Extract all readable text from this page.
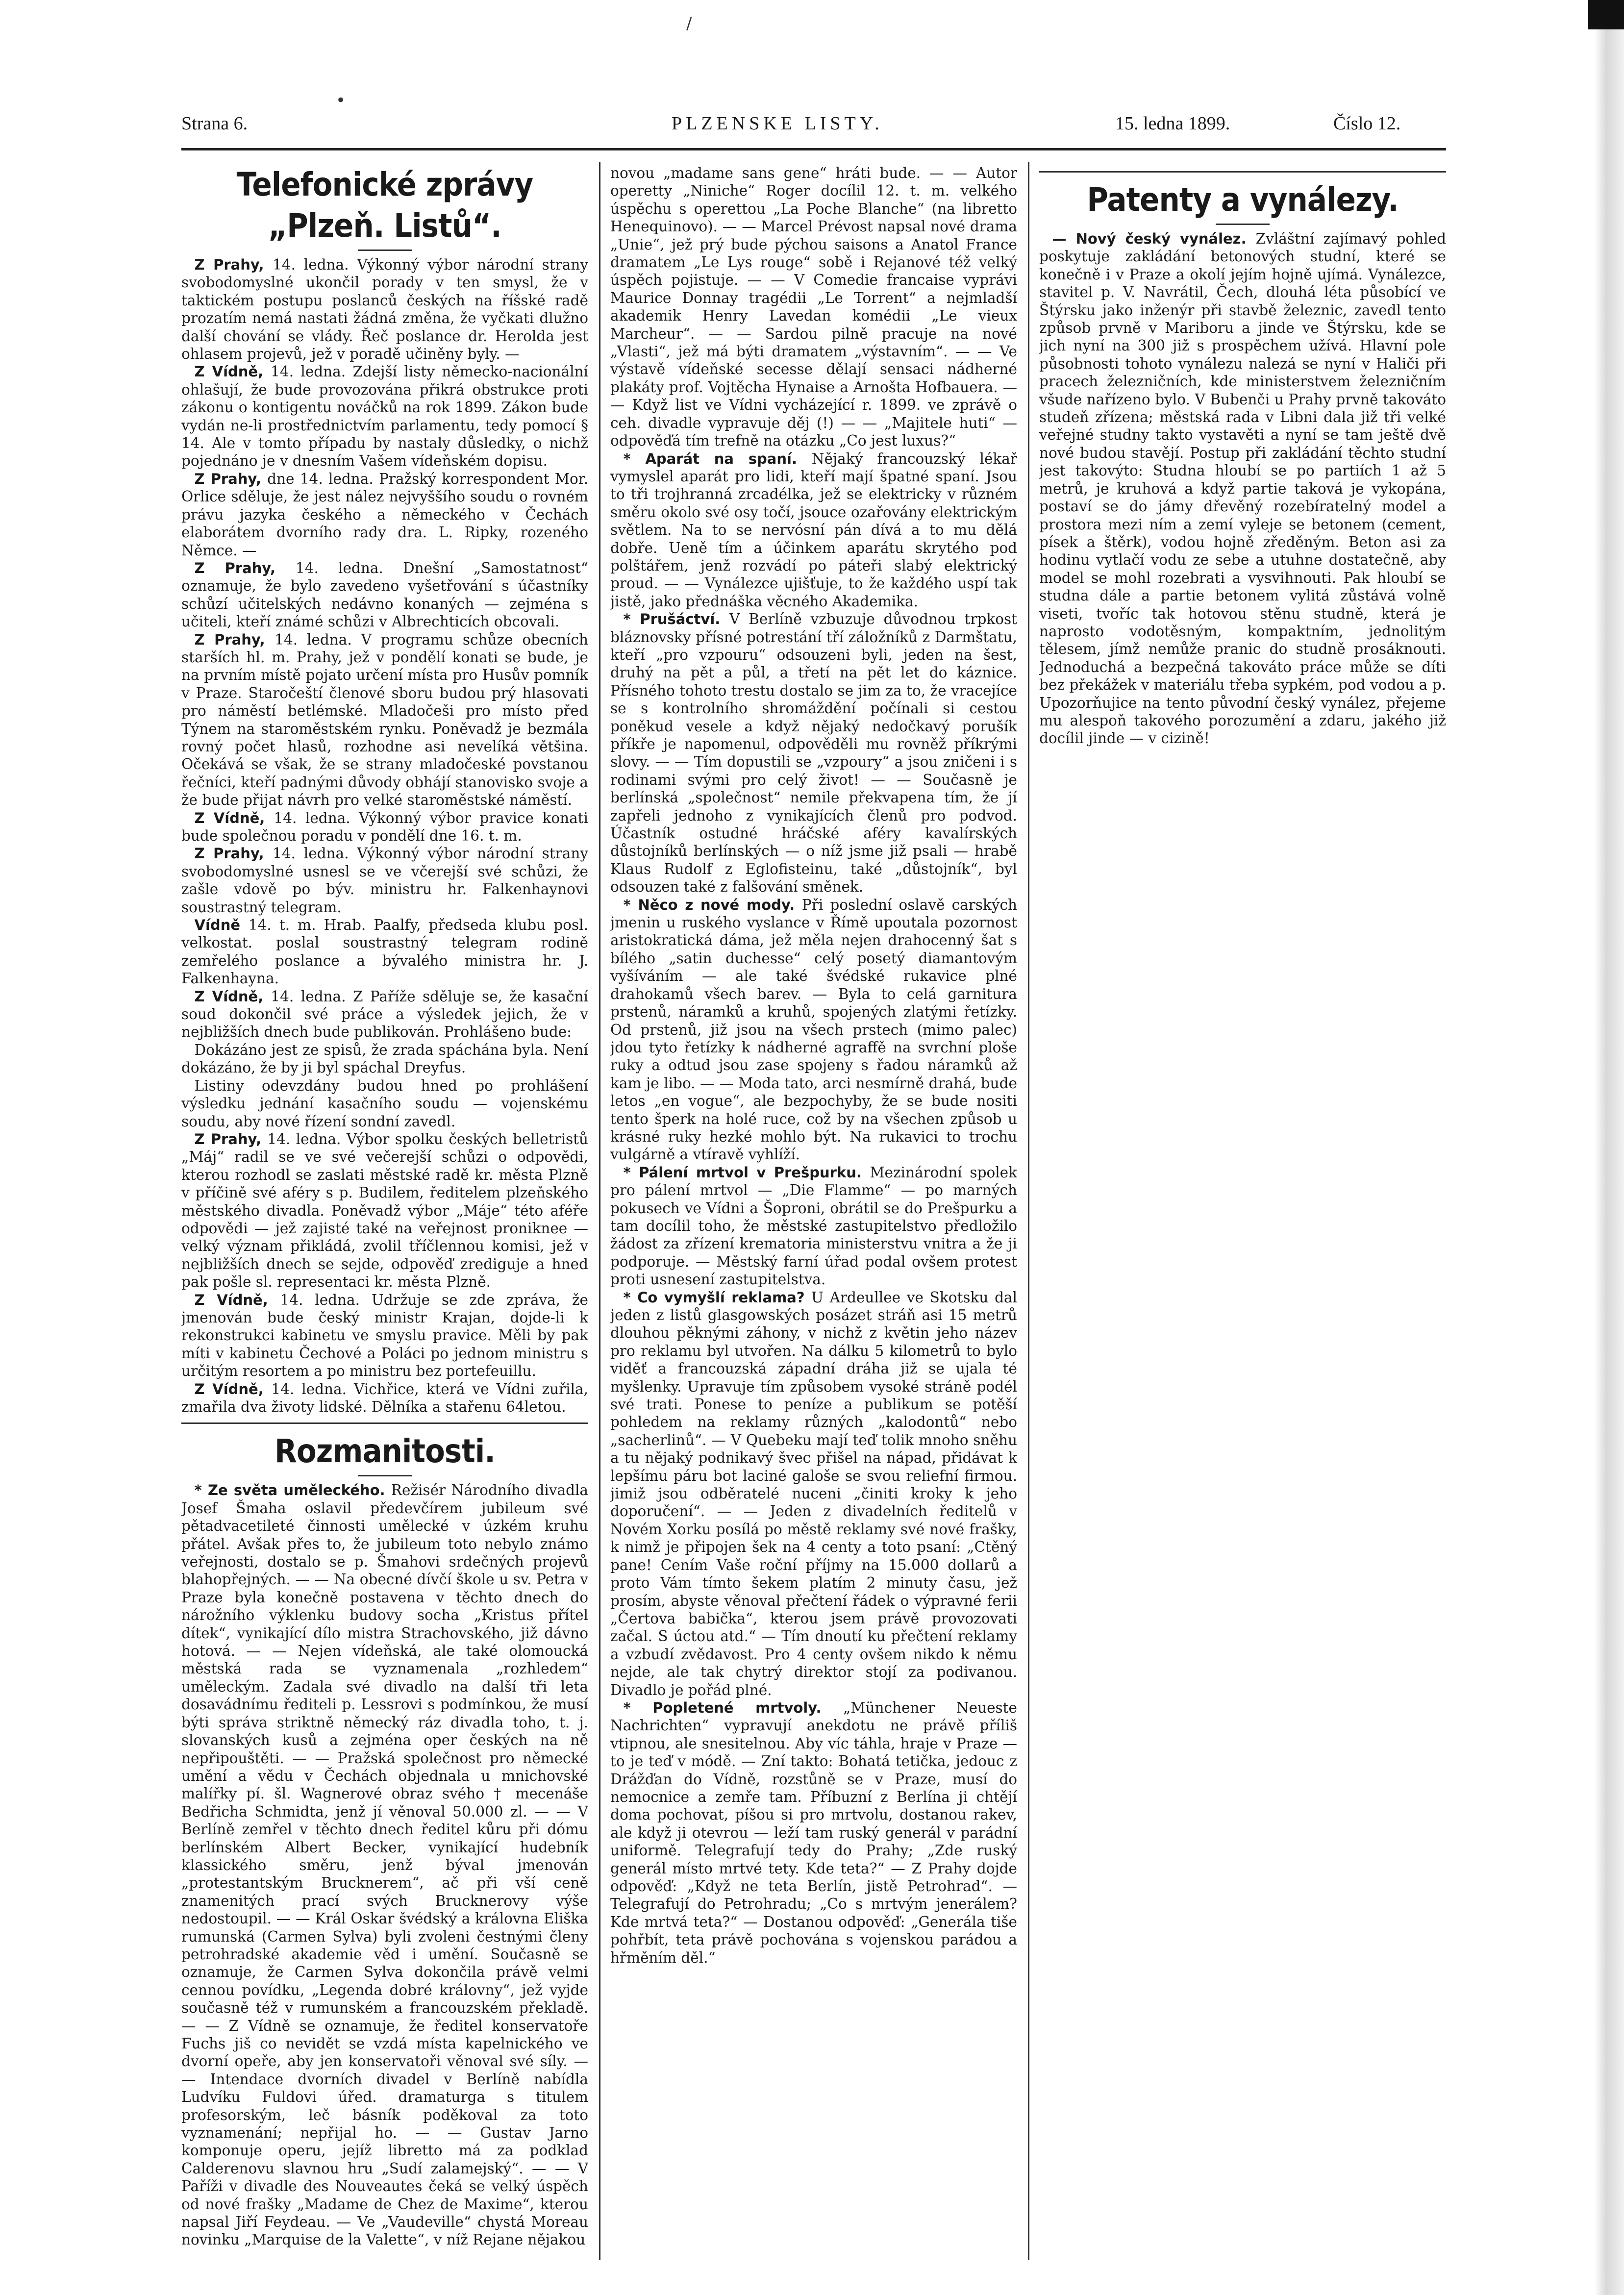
/
•
Strana 6.	PLZENSKE LISTY.	15. ledna 1899.	Číslo 12.
Telefonické zprávy „Plzeň. Listů“.

Z Prahy, 14. ledna. Výkonný výbor národní strany svobodomyslné ukončil porady v ten smysl, že v taktickém postupu poslanců českých na říšské radě prozatím nemá nastati žádná změna, že vyčkati dlužno další chování se vlády. Řeč poslance dr. Herolda jest ohlasem projevů, jež v poradě učiněny byly. —

Z Vídně, 14. ledna. Zdejší listy německo-nacionální ohlašují, že bude provozována přikrá obstrukce proti zákonu o kontigentu nováčků na rok 1899. Zákon bude vydán ne-li prostřednictvím parlamentu, tedy pomocí § 14. Ale v tomto případu by nastaly důsledky, o nichž pojednáno je v dnesním Vašem vídeňském dopisu.

Z Prahy, dne 14. ledna. Pražský korrespondent Mor. Orlice sděluje, že jest nález nejvyššího soudu o rovném právu jazyka českého a německého v Čechách elaborátem dvorního rady dra. L. Ripky, rozeného Němce. —

Z Prahy, 14. ledna. Dnešní „Samostatnost“ oznamuje, že bylo zavedeno vyšetřování s účastníky schůzí učitelských nedávno konaných — zejména s učiteli, kteří známé schůzi v Albrechticích obcovali.

Z Prahy, 14. ledna. V programu schůze obecních starších hl. m. Prahy, jež v pondělí konati se bude, je na prvním místě pojato určení místa pro Husův pomník v Praze. Staročeští členové sboru budou prý hlasovati pro náměstí betlémské. Mladočeši pro místo před Týnem na staroměstském rynku. Poněvadž je bezmála rovný počet hlasů, rozhodne asi nevelíká většina. Očekává se však, že se strany mladočeské povstanou řečníci, kteří padnými důvody obhájí stanovisko svoje a že bude přijat návrh pro velké staroměstské náměstí.

Z Vídně, 14. ledna. Výkonný výbor pravice konati bude společnou poradu v pondělí dne 16. t. m.

Z Prahy, 14. ledna. Výkonný výbor národní strany svobodomyslné usnesl se ve včerejší své schůzi, že zašle vdově po býv. ministru hr. Falkenhaynovi soustrastný telegram.

Vídně 14. t. m. Hrab. Paalfy, předseda klubu posl. velkostat. poslal soustrastný telegram rodině zemřelého poslance a bývalého ministra hr. J. Falkenhayna.

Z Vídně, 14. ledna. Z Paříže sděluje se, že kasační soud dokončil své práce a výsledek jejich, že v nejbližších dnech bude publikován. Prohlášeno bude:

Dokázáno jest ze spisů, že zrada spáchána byla. Není dokázáno, že by ji byl spáchal Dreyfus.

Listiny odevzdány budou hned po prohlášení výsledku jednání kasačního soudu — vojenskému soudu, aby nové řízení sondní zavedl.

Z Prahy, 14. ledna. Výbor spolku českých belletristů „Máj“ radil se ve své večerejší schůzi o odpovědi, kterou rozhodl se zaslati městské radě kr. města Plzně v příčině své aféry s p. Budilem, ředitelem plzeňského městského divadla. Poněvadž výbor „Máje“ této aféře odpovědi — jež zajisté také na veřejnost proniknee — velký význam přikládá, zvolil tříčlennou komisi, jež v nejbližších dnech se sejde, odpověď zrediguje a hned pak pošle sl. representaci kr. města Plzně.

Z Vídně, 14. ledna. Udržuje se zde zpráva, že jmenován bude český ministr Krajan, dojde-li k rekonstrukci kabinetu ve smyslu pravice. Měli by pak míti v kabinetu Čechové a Poláci po jednom ministru s určitým resortem a po ministru bez portefeuillu.

Z Vídně, 14. ledna. Vichřice, která ve Vídni zuřila, zmařila dva životy lidské. Dělníka a stařenu 64letou.

Rozmanitosti.

* Ze světa uměleckého. Režisér Národního divadla Josef Šmaha oslavil předevčírem jubileum své pětadvacetileté činnosti umělecké v úzkém kruhu přátel. Avšak přes to, že jubileum toto nebylo známo veřejnosti, dostalo se p. Šmahovi srdečných projevů blahopřejných. — — Na obecné dívčí škole u sv. Petra v Praze byla konečně postavena v těchto dnech do nárožního výklenku budovy socha „Kristus přítel dítek“, vynikající dílo mistra Strachovského, již dávno hotová. — — Nejen vídeňská, ale také olomoucká městská rada se vyznamenala „rozhledem“ uměleckým. Zadala své divadlo na další tři leta dosavádnímu řediteli p. Lessrovi s podmínkou, že musí býti správa striktně německý ráz divadla toho, t. j. slovanských kusů a zejména oper českých na ně nepřipouštěti. — — Pražská společnost pro německé umění a vědu v Čechách objednala u mnichovské malířky pí. šl. Wagnerové obraz svého † mecenáše Bedřicha Schmidta, jenž jí věnoval 50.000 zl. — — V Berlíně zemřel v těchto dnech ředitel kůru při dómu berlínském Albert Becker, vynikající hudebník klassického směru, jenž býval jmenován „protestantským Brucknerem“, ač při vší ceně znamenitých prací svých Brucknerovy výše nedostoupil. — — Král Oskar švédský a královna Eliška rumunská (Carmen Sylva) byli zvoleni čestnými členy petrohradské akademie věd i umění. Současně se oznamuje, že Carmen Sylva dokončila právě velmi cennou povídku, „Legenda dobré královny“, jež vyjde současně též v rumunském a francouzském překladě. — — Z Vídně se oznamuje, že ředitel konservatoře Fuchs jiš co nevidět se vzdá místa kapelnického ve dvorní opeře, aby jen konservatoři věnoval své síly. — — Intendace dvorních divadel v Berlíně nabídla Ludvíku Fuldovi úřed. dramaturga s titulem profesorským, leč básník poděkoval za toto vyznamenání; nepřijal ho. — — Gustav Jarno komponuje operu, jejíž libretto má za podklad Calderenovu slavnou hru „Sudí zalamejský“. — — V Paříži v divadle des Nouveautes čeká se velký úspěch od nové frašky „Madame de Chez de Maxime“, kterou napsal Jiří Feydeau. — Ve „Vaudeville“ chystá Moreau novinku „Marquise de la Valette“, v níž Rejane nějakou

novou „madame sans gene“ hráti bude. — — Autor operetty „Niniche“ Roger docílil 12. t. m. velkého úspěchu s operettou „La Poche Blanche“ (na libretto Henequinovo). — — Marcel Prévost napsal nové drama „Unie“, jež prý bude pýchou saisons a Anatol France dramatem „Le Lys rouge“ sobě i Rejanové též velký úspěch pojistuje. — — V Comedie francaise vyprávi Maurice Donnay tragédii „Le Torrent“ a nejmladší akademik Henry Lavedan komédii „Le vieux Marcheur“. — — Sardou pilně pracuje na nové „Vlasti“, jež má býti dramatem „výstavním“. — — Ve výstavě vídeňské secesse dělají sensaci nádherné plakáty prof. Vojtěcha Hynaise a Arnošta Hofbauera. — — Když list ve Vídni vycházející r. 1899. ve zprávě o ceh. divadle vypravuje děj (!) — — „Majitele huti“ — odpověďá tím trefně na otázku „Co jest luxus?“

* Aparát na spaní. Nějaký francouzský lékař vymyslel aparát pro lidi, kteří mají špatné spaní. Jsou to tři trojhranná zrcadélka, jež se elektricky v různém směru okolo své osy točí, jsouce ozařovány elektrickým světlem. Na to se nervósní pán dívá a to mu dělá dobře. Ueně tím a účinkem aparátu skrytého pod polštářem, jenž rozvádí po páteři slabý elektrický proud. — — Vynálezce ujišťuje, to že každého uspí tak jistě, jako přednáška věcného Akademika.

* Prušáctví. V Berlíně vzbuzuje důvodnou trpkost bláznovsky přísné potrestání tří záložníků z Darmštatu, kteří „pro vzpouru“ odsouzeni byli, jeden na šest, druhý na pět a půl, a třetí na pět let do káznice. Přísného tohoto trestu dostalo se jim za to, že vracejíce se s kontrolního shromáždění počínali si cestou poněkud vesele a když nějaký nedočkavý porušík příkře je napomenul, odpověděli mu rovněž příkrými slovy. — — Tím dopustili se „vzpoury“ a jsou zničeni i s rodinami svými pro celý život! — — Současně je berlínská „společnost“ nemile překvapena tím, že jí zapřeli jednoho z vynikajících členů pro podvod. Účastník ostudné hráčské aféry kavalírských důstojníků berlínských — o níž jsme již psali — hrabě Klaus Rudolf z Eglofisteinu, také „důstojník“, byl odsouzen také z falšování směnek.

* Něco z nové mody. Při poslední oslavě carských jmenin u ruského vyslance v Římě upoutala pozornost aristokratická dáma, jež měla nejen drahocenný šat s bílého „satin duchesse“ celý posetý diamantovým vyšíváním — ale také švédské rukavice plné drahokamů všech barev. — Byla to celá garnitura prstenů, náramků a kruhů, spojených zlatými řetízky. Od prstenů, již jsou na všech prstech (mimo palec) jdou tyto řetízky k nádherné agraffě na svrchní ploše ruky a odtud jsou zase spojeny s řadou náramků až kam je libo. — — Moda tato, arci nesmírně drahá, bude letos „en vogue“, ale bezpochyby, že se bude nositi tento šperk na holé ruce, což by na všechen způsob u krásné ruky hezké mohlo být. Na rukavici to trochu vulgárně a vtíravě vyhlíží.

* Pálení mrtvol v Prešpurku. Mezinárodní spolek pro pálení mrtvol — „Die Flamme“ — po marných pokusech ve Vídni a Šoproni, obrátil se do Prešpurku a tam docílil toho, že městské zastupitelstvo předložilo žádost za zřízení krematoria ministerstvu vnitra a že ji podporuje. — Městský farní úřad podal ovšem protest proti usnesení zastupitelstva.

* Co vymyšlí reklama? U Ardeullee ve Skotsku dal jeden z listů glasgowských posázet stráň asi 15 metrů dlouhou pěknými záhony, v nichž z květin jeho název pro reklamu byl utvořen. Na dálku 5 kilometrů to bylo viděť a francouzská západní dráha již se ujala té myšlenky. Upravuje tím způsobem vysoké stráně podél své trati. Ponese to peníze a publikum se potěší pohledem na reklamy různých „kalodontů“ nebo „sacherlinů“. — V Quebeku mají teď tolik mnoho sněhu a tu nějaký podnikavý švec přišel na nápad, přidávat k lepšímu páru bot laciné galoše se svou reliefní firmou. jimiž jsou odběratelé nuceni „činiti kroky k jeho doporučení“. — — Jeden z divadelních ředitelů v Novém Xorku posílá po městě reklamy své nové frašky, k nimž je připojen šek na 4 centy a toto psaní: „Ctěný pane! Cením Vaše roční příjmy na 15.000 dollarů a proto Vám tímto šekem platím 2 minuty času, jež prosím, abyste věnoval přečtení řádek o výpravné ferii „Čertova babička“, kterou jsem právě provozovati začal. S úctou atd.“ — Tím dnoutí ku přečtení reklamy a vzbudí zvědavost. Pro 4 centy ovšem nikdo k němu nejde, ale tak chytrý direktor stojí za podivanou. Divadlo je pořád plné.

* Popletené mrtvoly. „Münchener Neueste Nachrichten“ vypravují anekdotu ne právě příliš vtipnou, ale snesitelnou. Aby víc táhla, hraje v Praze — to je teď v módě. — Zní takto: Bohatá tetička, jedouc z Drážďan do Vídně, rozstůně se v Praze, musí do nemocnice a zemře tam. Příbuzní z Berlína ji chtějí doma pochovat, píšou si pro mrtvolu, dostanou rakev, ale když ji otevrou — leží tam ruský generál v parádní uniformě. Telegrafují tedy do Prahy; „Zde ruský generál místo mrtvé tety. Kde teta?“ — Z Prahy dojde odpověď: „Když ne teta Berlín, jistě Petrohrad“. — Telegrafují do Petrohradu; „Co s mrtvým jenerálem? Kde mrtvá teta?“ — Dostanou odpověď: „Generála tiše pohřbít, teta právě pochována s vojenskou parádou a hřměním děl.“

Patenty a vynálezy.

— Nový český vynález. Zvláštní zajímavý pohled poskytuje zakládání betonových studní, které se konečně i v Praze a okolí jejím hojně ujímá. Vynálezce, stavitel p. V. Navrátil, Čech, dlouhá léta působící ve Štýrsku jako inženýr při stavbě železnic, zavedl tento způsob prvně v Mariboru a jinde ve Štýrsku, kde se jich nyní na 300 již s prospěchem užívá. Hlavní pole působnosti tohoto vynálezu nalezá se nyní v Haliči při pracech železničních, kde ministerstvem železničním všude nařízeno bylo. V Bubenči u Prahy prvně takováto studeň zřízena; městská rada v Libni dala již tři velké veřejné studny takto vystavěti a nyní se tam ještě dvě nové budou stavějí. Postup při zakládání těchto studní jest takovýto: Studna hloubí se po partiích 1 až 5 metrů, je kruhová a když partie taková je vykopána, postaví se do jámy dřevěný rozebíratelný model a prostora mezi ním a zemí vyleje se betonem (cement, písek a štěrk), vodou hojně zředěným. Beton asi za hodinu vytlačí vodu ze sebe a utuhne dostatečně, aby model se mohl rozebrati a vysvihnouti. Pak hloubí se studna dále a partie betonem vylitá zůstává volně viseti, tvoříc tak hotovou stěnu studně, která je naprosto vodotěsným, kompaktním, jednolitým tělesem, jímž nemůže pranic do studně prosáknouti. Jednoduchá a bezpečná takováto práce může se díti bez překážek v materiálu třeba sypkém, pod vodou a p. Upozorňujice na tento původní český vynález, přejeme mu alespoň takového porozumění a zdaru, jakého již docílil jinde — v cizině!
